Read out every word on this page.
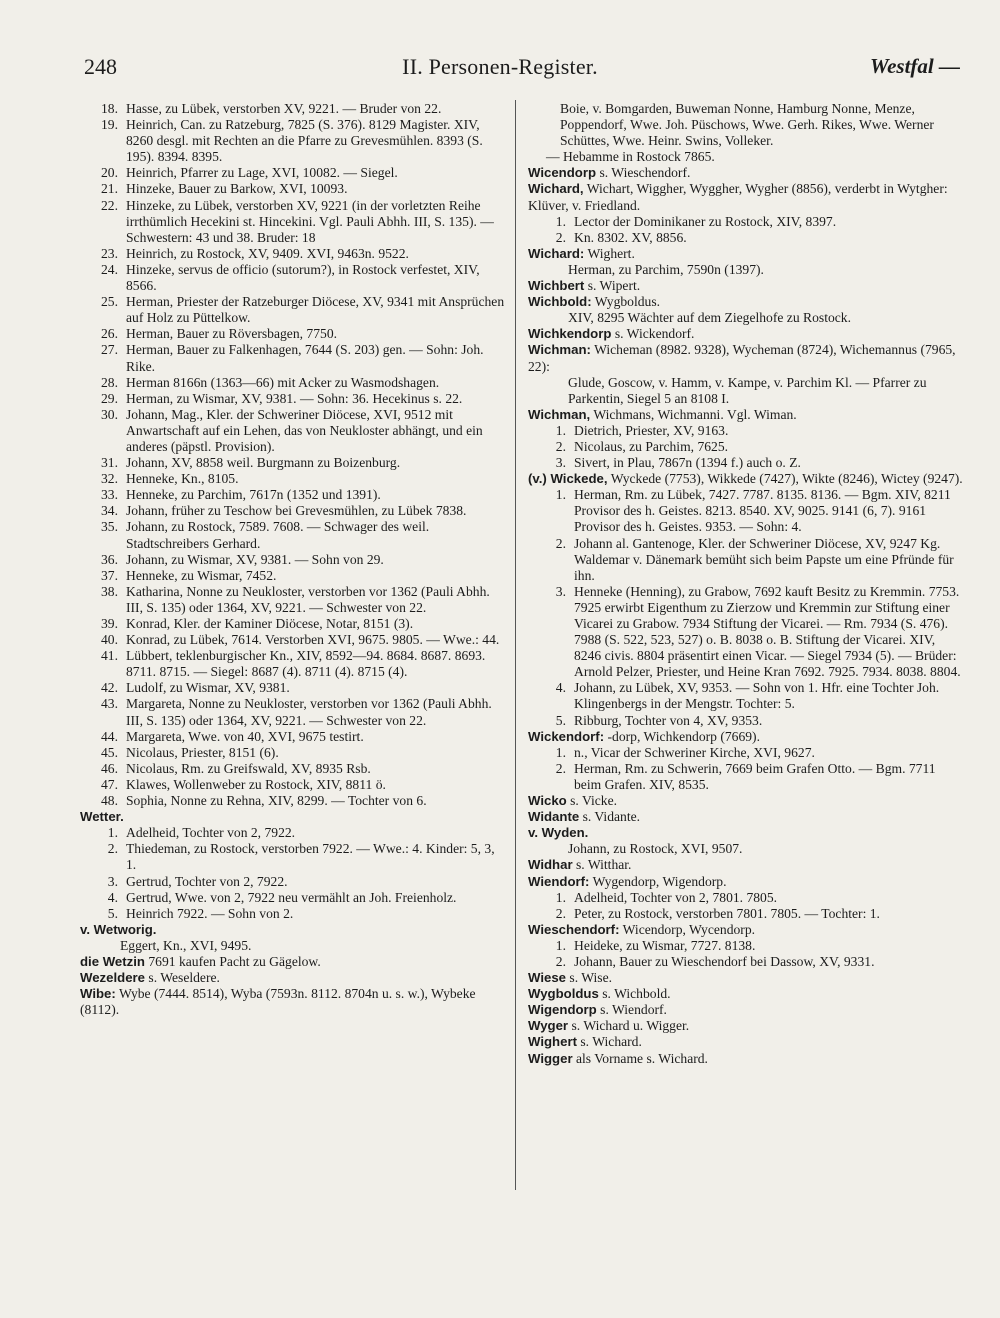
248	II. Personen-Register.	Westfal —
18. Hasse, zu Lübek, verstorben XV, 9221. — Bruder von 22.
19. Heinrich, Can. zu Ratzeburg, 7825 (S. 376). 8129 Magister. XIV, 8260 desgl. mit Rechten an die Pfarre zu Grevesmühlen. 8393 (S. 195). 8394. 8395.
20. Heinrich, Pfarrer zu Lage, XVI, 10082. — Siegel.
21. Hinzeke, Bauer zu Barkow, XVI, 10093.
22. Hinzeke, zu Lübek, verstorben XV, 9221 (in der vorletzten Reihe irrthümlich Hecekini st. Hincekini. Vgl. Pauli Abhh. III, S. 135). — Schwestern: 43 und 38. Bruder: 18
23. Heinrich, zu Rostock, XV, 9409. XVI, 9463n. 9522.
24. Hinzeke, servus de officio (sutorum?), in Rostock verfestet, XIV, 8566.
25. Herman, Priester der Ratzeburger Diöcese, XV, 9341 mit Ansprüchen auf Holz zu Püttelkow.
26. Herman, Bauer zu Röversbagen, 7750.
27. Herman, Bauer zu Falkenhagen, 7644 (S. 203) gen. — Sohn: Joh. Rike.
28. Herman 8166n (1363—66) mit Acker zu Wasmodshagen.
29. Herman, zu Wismar, XV, 9381. — Sohn: 36. Hecekinus s. 22.
30. Johann, Mag., Kler. der Schweriner Diöcese, XVI, 9512 mit Anwartschaft auf ein Lehen, das von Neukloster abhängt, und ein anderes (päpstl. Provision).
31. Johann, XV, 8858 weil. Burgmann zu Boizenburg.
32. Henneke, Kn., 8105.
33. Henneke, zu Parchim, 7617n (1352 und 1391).
34. Johann, früher zu Teschow bei Grevesmühlen, zu Lübek 7838.
35. Johann, zu Rostock, 7589. 7608. — Schwager des weil. Stadtschreibers Gerhard.
36. Johann, zu Wismar, XV, 9381. — Sohn von 29.
37. Henneke, zu Wismar, 7452.
38. Katharina, Nonne zu Neukloster, verstorben vor 1362 (Pauli Abhh. III, S. 135) oder 1364, XV, 9221. — Schwester von 22.
39. Konrad, Kler. der Kaminer Diöcese, Notar, 8151 (3).
40. Konrad, zu Lübek, 7614. Verstorben XVI, 9675. 9805. — Wwe.: 44.
41. Lübbert, teklenburgischer Kn., XIV, 8592—94. 8684. 8687. 8693. 8711. 8715. — Siegel: 8687 (4). 8711 (4). 8715 (4).
42. Ludolf, zu Wismar, XV, 9381.
43. Margareta, Nonne zu Neukloster, verstorben vor 1362 (Pauli Abhh. III, S. 135) oder 1364, XV, 9221. — Schwester von 22.
44. Margareta, Wwe. von 40, XVI, 9675 testirt.
45. Nicolaus, Priester, 8151 (6).
46. Nicolaus, Rm. zu Greifswald, XV, 8935 Rsb.
47. Klawes, Wollenweber zu Rostock, XIV, 8811 ö.
48. Sophia, Nonne zu Rehna, XIV, 8299. — Tochter von 6.
Wetter.
1. Adelheid, Tochter von 2, 7922.
2. Thiedeman, zu Rostock, verstorben 7922. — Wwe.: 4. Kinder: 5, 3, 1.
3. Gertrud, Tochter von 2, 7922.
4. Gertrud, Wwe. von 2, 7922 neu vermählt an Joh. Freienholz.
5. Heinrich 7922. — Sohn von 2.
v. Wetworig.
Eggert, Kn., XVI, 9495.
die Wetzin 7691 kaufen Pacht zu Gägelow.
Wezeldere s. Weseldere.
Wibe: Wybe (7444. 8514), Wyba (7593n. 8112. 8704n u. s. w.), Wybeke (8112).
Boie, v. Bomgarden, Buweman Nonne, Hamburg Nonne, Menze, Poppendorf, Wwe. Joh. Püschows, Wwe. Gerh. Rikes, Wwe. Werner Schüttes, Wwe. Heinr. Swins, Volleker.
— Hebamme in Rostock 7865.
Wicendorp s. Wieschendorf.
Wichard, Wichart, Wiggher, Wyggher, Wygher (8856), verderbt in Wytgher: Klüver, v. Friedland.
1. Lector der Dominikaner zu Rostock, XIV, 8397.
2. Kn. 8302. XV, 8856.
Wichard: Wighert.
Herman, zu Parchim, 7590n (1397).
Wichbert s. Wipert.
Wichbold: Wygboldus.
XIV, 8295 Wächter auf dem Ziegelhofe zu Rostock.
Wichkendorp s. Wickendorf.
Wichman: Wicheman (8982. 9328), Wycheman (8724), Wichemannus (7965, 22):
Glude, Goscow, v. Hamm, v. Kampe, v. Parchim Kl. — Pfarrer zu Parkentin, Siegel 5 an 8108 I.
Wichman, Wichmans, Wichmanni. Vgl. Wiman.
1. Dietrich, Priester, XV, 9163.
2. Nicolaus, zu Parchim, 7625.
3. Sivert, in Plau, 7867n (1394 f.) auch o. Z.
(v.) Wickede, Wyckede (7753), Wikkede (7427), Wikte (8246), Wictey (9247).
1. Herman, Rm. zu Lübek, 7427. 7787. 8135. 8136. — Bgm. XIV, 8211 Provisor des h. Geistes. 8213. 8540. XV, 9025. 9141 (6, 7). 9161 Provisor des h. Geistes. 9353. — Sohn: 4.
2. Johann al. Gantenoge, Kler. der Schweriner Diöcese, XV, 9247 Kg. Waldemar v. Dänemark bemüht sich beim Papste um eine Pfründe für ihn.
3. Henneke (Henning), zu Grabow, 7692 kauft Besitz zu Kremmin. 7753. 7925 erwirbt Eigenthum zu Zierzow und Kremmin zur Stiftung einer Vicarei zu Grabow. 7934 Stiftung der Vicarei. — Rm. 7934 (S. 476). 7988 (S. 522, 523, 527) o. B. 8038 o. B. Stiftung der Vicarei. XIV, 8246 civis. 8804 präsentirt einen Vicar. — Siegel 7934 (5). — Brüder: Arnold Pelzer, Priester, und Heine Kran 7692. 7925. 7934. 8038. 8804.
4. Johann, zu Lübek, XV, 9353. — Sohn von 1. Hfr. eine Tochter Joh. Klingenbergs in der Mengstr. Tochter: 5.
5. Ribburg, Tochter von 4, XV, 9353.
Wickendorf: -dorp, Wichkendorp (7669).
1. n., Vicar der Schweriner Kirche, XVI, 9627.
2. Herman, Rm. zu Schwerin, 7669 beim Grafen Otto. — Bgm. 7711 beim Grafen. XIV, 8535.
Wicko s. Vicke.
Widante s. Vidante.
v. Wyden.
Johann, zu Rostock, XVI, 9507.
Widhar s. Witthar.
Wiendorf: Wygendorp, Wigendorp.
1. Adelheid, Tochter von 2, 7801. 7805.
2. Peter, zu Rostock, verstorben 7801. 7805. — Tochter: 1.
Wieschendorf: Wicendorp, Wycendorp.
1. Heideke, zu Wismar, 7727. 8138.
2. Johann, Bauer zu Wieschendorf bei Dassow, XV, 9331.
Wiese s. Wise.
Wygboldus s. Wichbold.
Wigendorp s. Wiendorf.
Wyger s. Wichard u. Wigger.
Wighert s. Wichard.
Wigger als Vorname s. Wichard.
